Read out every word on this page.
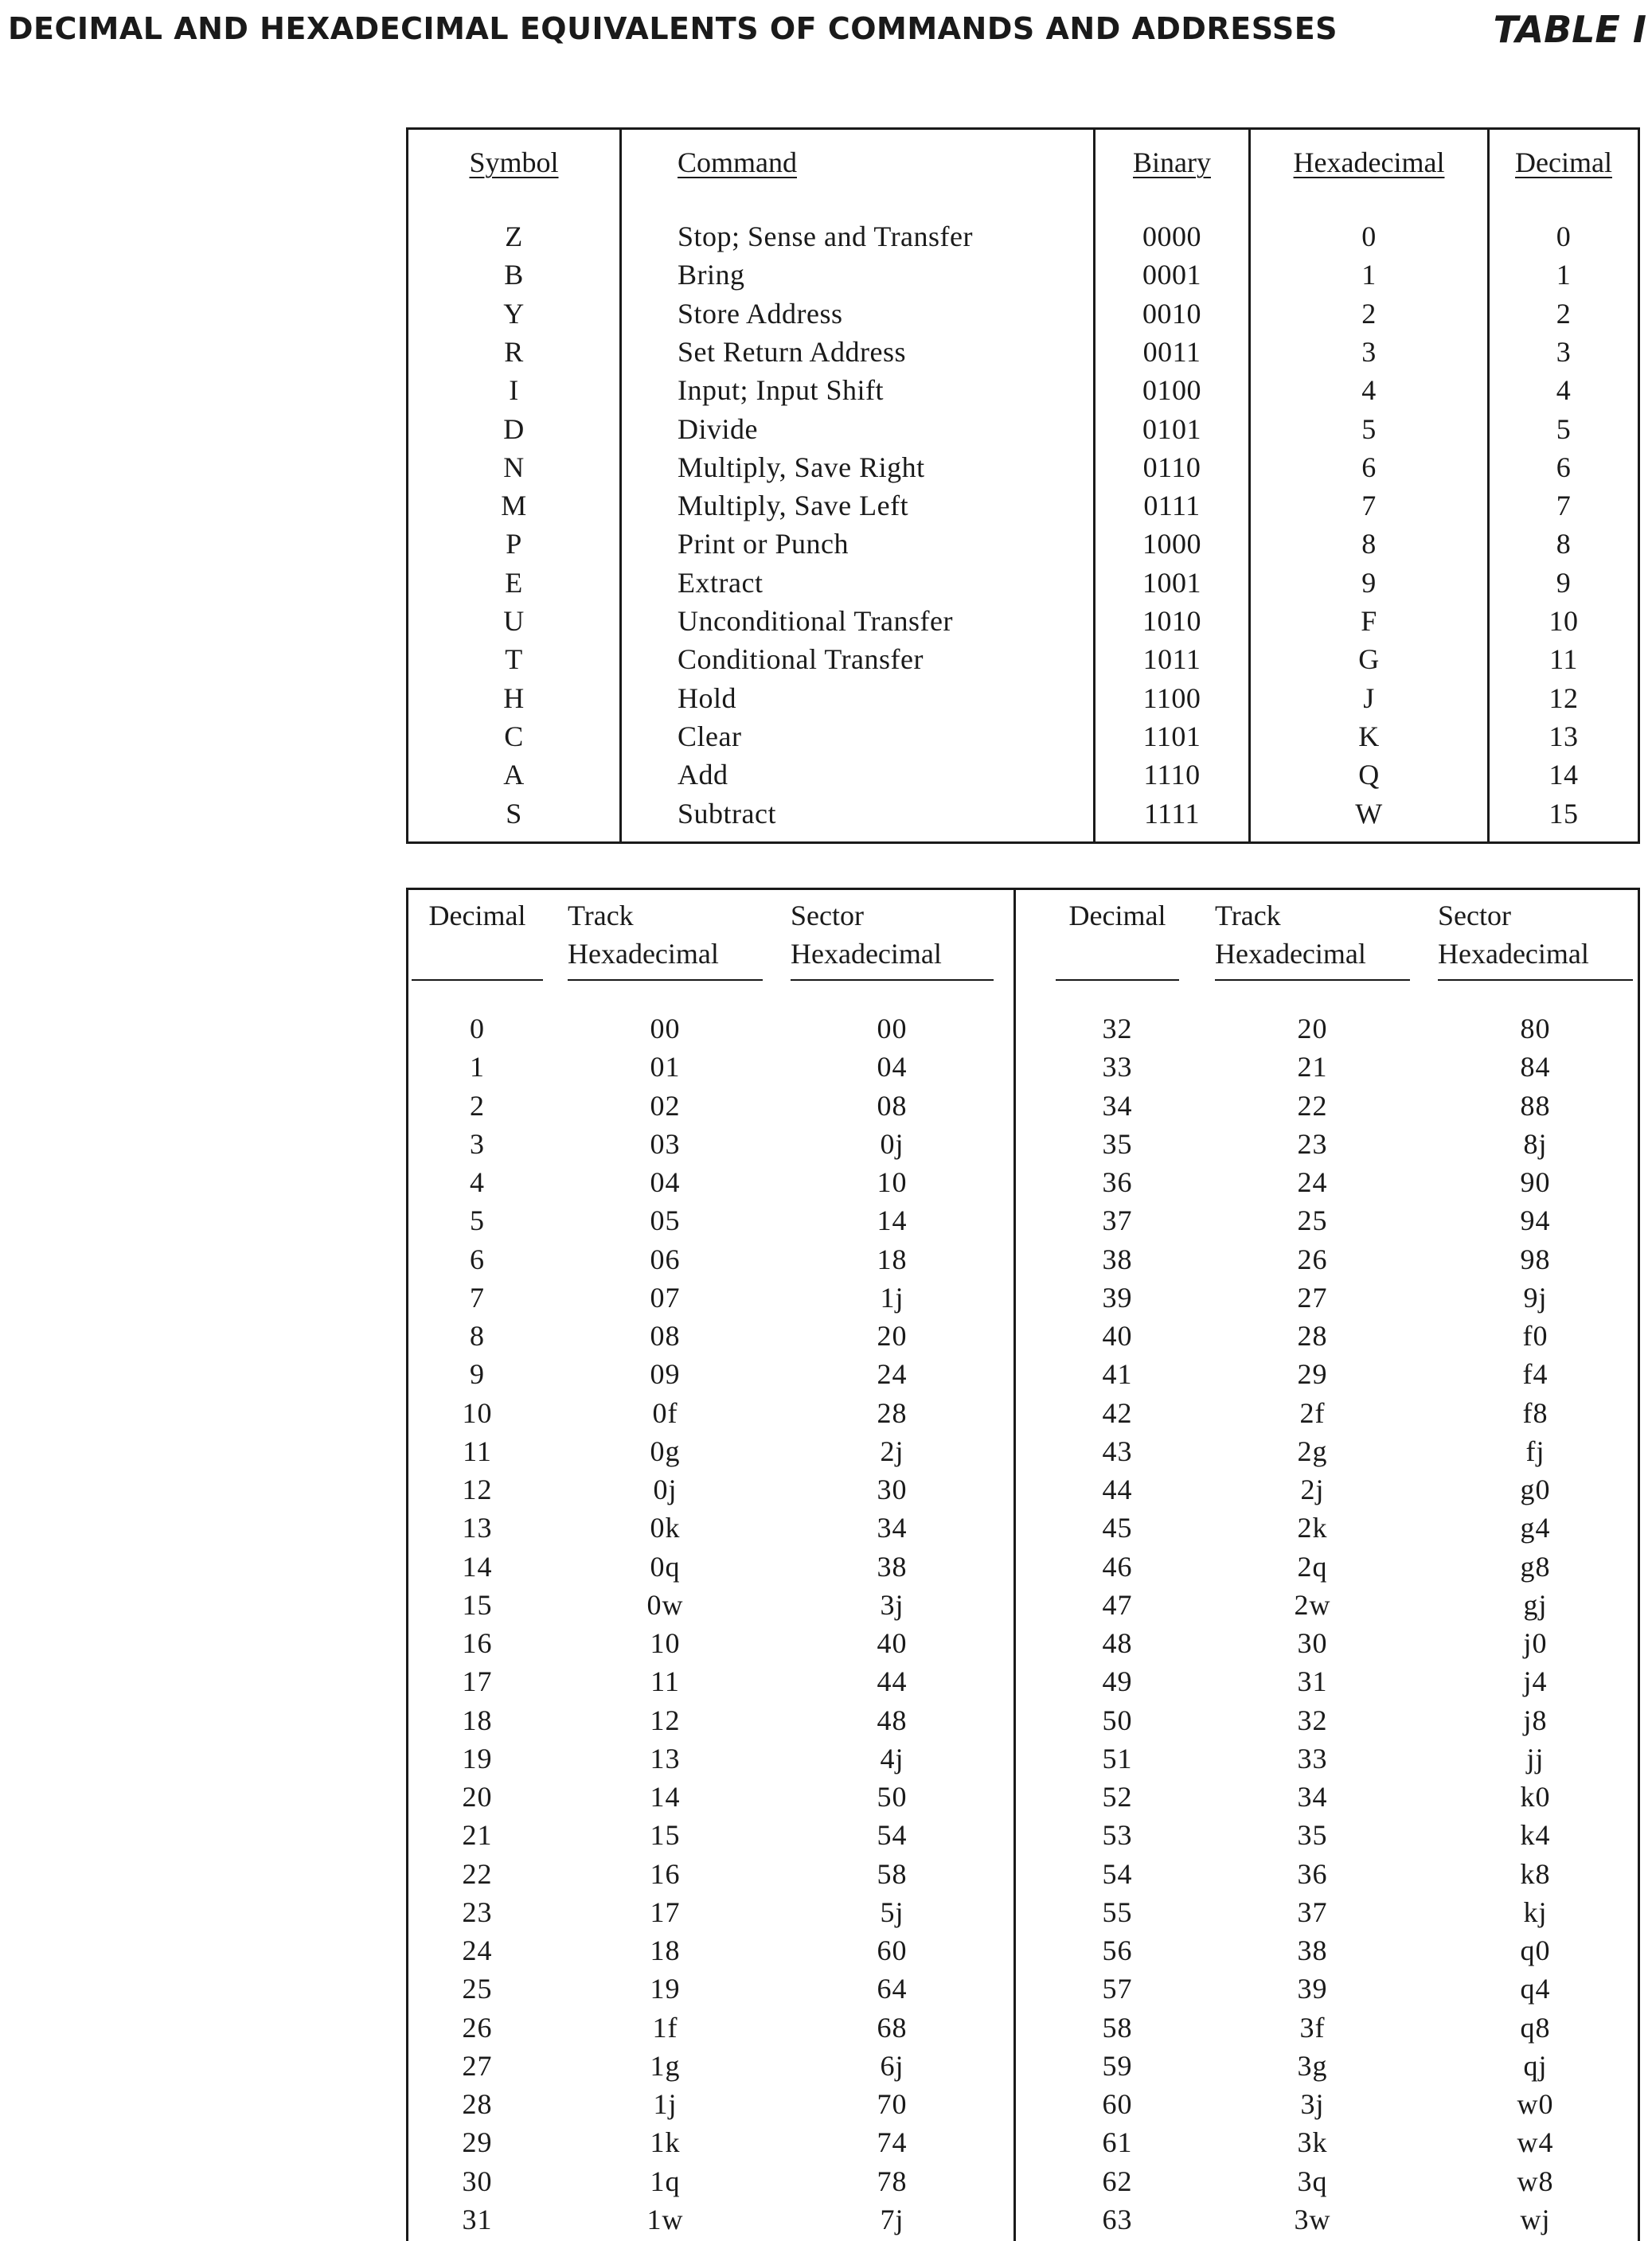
DECIMAL AND HEXADECIMAL EQUIVALENTS OF COMMANDS AND ADDRESSES	TABLE I
Symbol
Z
B
Y
R
I
D
N
M
P
E
U
T
H
C
A
S
Command
Stop; Sense and Transfer
Bring
Store Address
Set Return Address
Input; Input Shift
Divide
Multiply, Save Right
Multiply, Save Left
Print or Punch
Extract
Unconditional Transfer
Conditional Transfer
Hold
Clear
Add
Subtract
Binary
0000
0001
0010
0011
0100
0101
0110
0111
1000
1001
1010
1011
1100
1101
1110
1111
Hexadecimal
0
1
2
3
4
5
6
7
8
9
F
G
J
K
Q
W
Decimal
0
1
2
3
4
5
6
7
8
9
10
11
12
13
14
15
Decimal
0
1
2
3
4
5
6
7
8
9
10
11
12
13
14
15
16
17
18
19
20
21
22
23
24
25
26
27
28
29
30
31
Track
Hexadecimal
00
01
02
03
04
05
06
07
08
09
0f
0g
0j
0k
0q
0w
10
11
12
13
14
15
16
17
18
19
1f
1g
1j
1k
1q
1w
Sector
Hexadecimal
00
04
08
0j
10
14
18
1j
20
24
28
2j
30
34
38
3j
40
44
48
4j
50
54
58
5j
60
64
68
6j
70
74
78
7j
Decimal
32
33
34
35
36
37
38
39
40
41
42
43
44
45
46
47
48
49
50
51
52
53
54
55
56
57
58
59
60
61
62
63
Track
Hexadecimal
20
21
22
23
24
25
26
27
28
29
2f
2g
2j
2k
2q
2w
30
31
32
33
34
35
36
37
38
39
3f
3g
3j
3k
3q
3w
Sector
Hexadecimal
80
84
88
8j
90
94
98
9j
f0
f4
f8
fj
g0
g4
g8
gj
j0
j4
j8
jj
k0
k4
k8
kj
q0
q4
q8
qj
w0
w4
w8
wj
